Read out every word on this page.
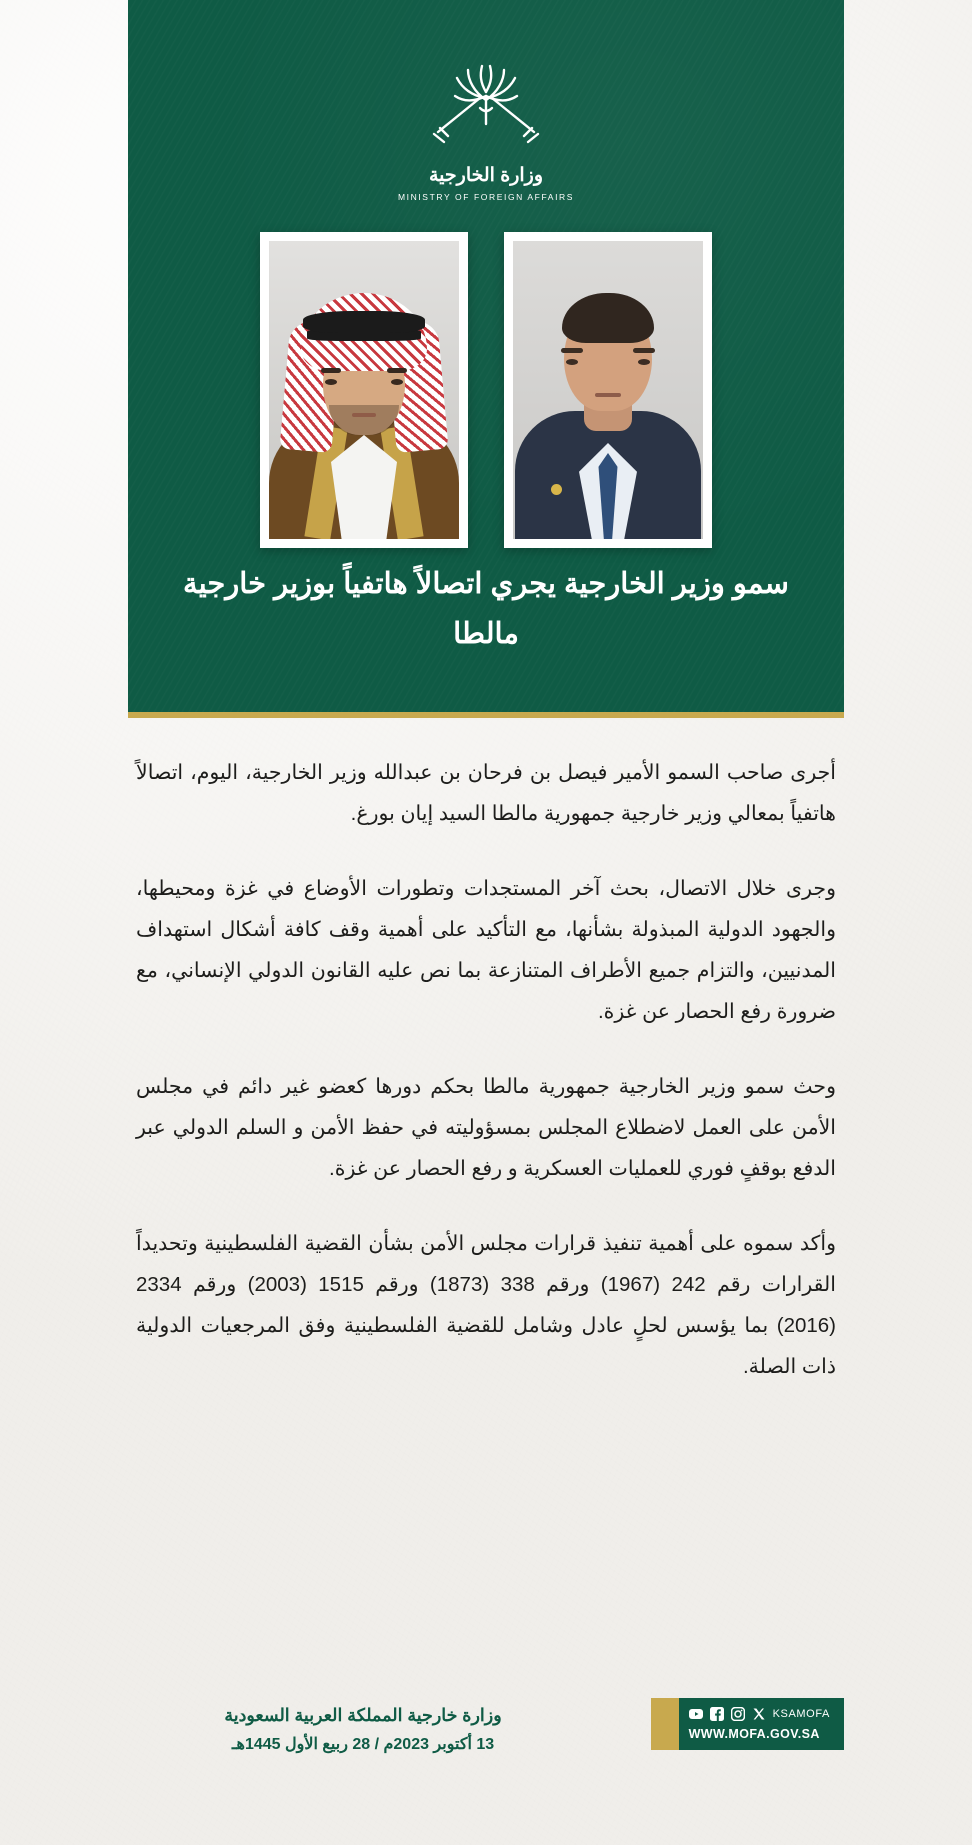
وزارة الخارجية
MINISTRY OF FOREIGN AFFAIRS
سمو وزير الخارجية يجري اتصالاً هاتفياً بوزير خارجية مالطا

أجرى صاحب السمو الأمير فيصل بن فرحان بن عبدالله وزير الخارجية، اليوم، اتصالاً هاتفياً بمعالي وزير خارجية جمهورية مالطا السيد إيان بورغ.

وجرى خلال الاتصال، بحث آخر المستجدات وتطورات الأوضاع في غزة ومحيطها، والجهود الدولية المبذولة بشأنها، مع التأكيد على أهمية وقف كافة أشكال استهداف المدنيين، والتزام جميع الأطراف المتنازعة بما نص عليه القانون الدولي الإنساني، مع ضرورة رفع الحصار عن غزة.

وحث سمو وزير الخارجية جمهورية مالطا بحكم دورها كعضو غير دائم في مجلس الأمن على العمل لاضطلاع المجلس بمسؤوليته في حفظ الأمن و السلم الدولي عبر الدفع بوقفٍ فوري للعمليات العسكرية و رفع الحصار عن غزة.

وأكد سموه على أهمية تنفيذ قرارات مجلس الأمن بشأن القضية الفلسطينية وتحديداً القرارات رقم 242 (1967) ورقم 338 (1873) ورقم 1515 (2003) ورقم 2334 (2016) بما يؤسس لحلٍ عادل وشامل للقضية الفلسطينية وفق المرجعيات الدولية ذات الصلة.

KSAMOFA
WWW.MOFA.GOV.SA
وزارة خارجية المملكة العربية السعودية
13 أكتوبر 2023م / 28 ربيع الأول 1445هـ
